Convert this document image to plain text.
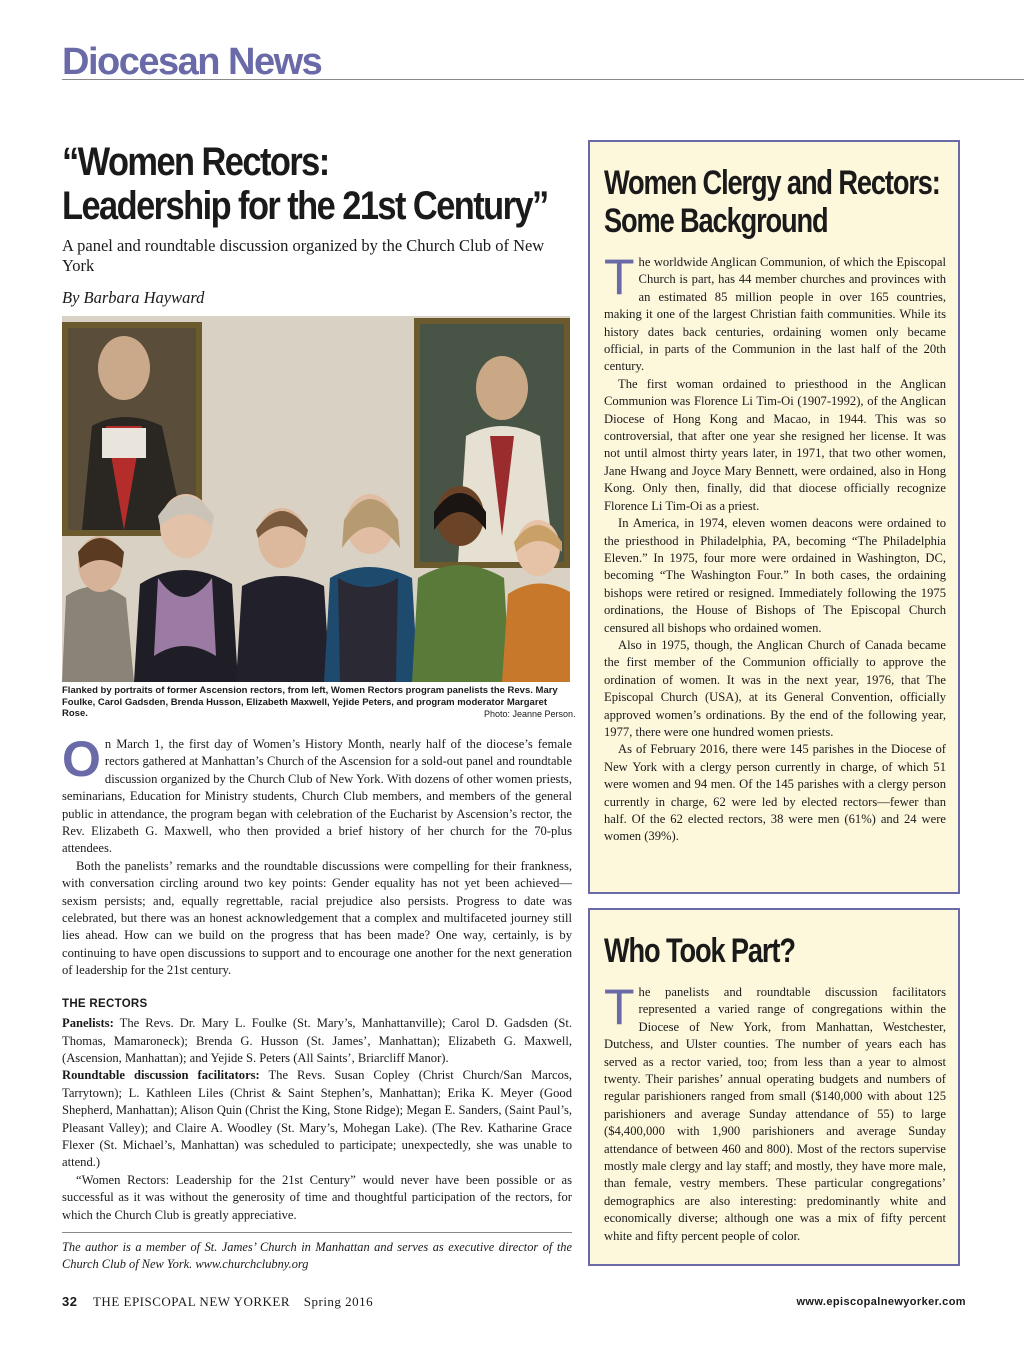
Diocesan News
“Women Rectors:
Leadership for the 21st Century”
A panel and roundtable discussion organized by the Church Club of New York
By Barbara Hayward
Flanked by portraits of former Ascension rectors, from left, Women Rectors program panelists the Revs. Mary Foulke, Carol Gadsden, Brenda Husson, Elizabeth Maxwell, Yejide Peters, and program moderator Margaret Rose.	Photo: Jeanne Person.

On March 1, the first day of Women’s History Month, nearly half of the diocese’s female rectors gathered at Manhattan’s Church of the Ascension for a sold-out panel and roundtable discussion organized by the Church Club of New York. With dozens of other women priests, seminarians, Education for Ministry students, Church Club members, and members of the general public in attendance, the program began with celebration of the Eucharist by Ascension’s rector, the Rev. Elizabeth G. Maxwell, who then provided a brief history of her church for the 70-plus attendees.

Both the panelists’ remarks and the roundtable discussions were compelling for their frankness, with conversation circling around two key points: Gender equality has not yet been achieved—sexism persists; and, equally regrettable, racial prejudice also persists. Progress to date was celebrated, but there was an honest acknowledgement that a complex and multifaceted journey still lies ahead. How can we build on the progress that has been made? One way, certainly, is by continuing to have open discussions to support and to encourage one another for the next generation of leadership for the 21st century.

THE RECTORS

Panelists: The Revs. Dr. Mary L. Foulke (St. Mary’s, Manhattanville); Carol D. Gadsden (St. Thomas, Mamaroneck); Brenda G. Husson (St. James’, Manhattan); Elizabeth G. Maxwell, (Ascension, Manhattan); and Yejide S. Peters (All Saints’, Briarcliff Manor).

Roundtable discussion facilitators: The Revs. Susan Copley (Christ Church/San Marcos, Tarrytown); L. Kathleen Liles (Christ & Saint Stephen’s, Manhattan); Erika K. Meyer (Good Shepherd, Manhattan); Alison Quin (Christ the King, Stone Ridge); Megan E. Sanders, (Saint Paul’s, Pleasant Valley); and Claire A. Woodley (St. Mary’s, Mohegan Lake). (The Rev. Katharine Grace Flexer (St. Michael’s, Manhattan) was scheduled to participate; unexpectedly, she was unable to attend.)

“Women Rectors: Leadership for the 21st Century” would never have been possible or as successful as it was without the generosity of time and thoughtful participation of the rectors, for which the Church Club is greatly appreciative.

The author is a member of St. James’ Church in Manhattan and serves as executive director of the Church Club of New York. www.churchclubny.org
Women Clergy and Rectors:
Some Background

The worldwide Anglican Communion, of which the Episcopal Church is part, has 44 member churches and provinces with an estimated 85 million people in over 165 countries, making it one of the largest Christian faith communities. While its history dates back centuries, ordaining women only became official, in parts of the Communion in the last half of the 20th century.

The first woman ordained to priesthood in the Anglican Communion was Florence Li Tim-Oi (1907-1992), of the Anglican Diocese of Hong Kong and Macao, in 1944. This was so controversial, that after one year she resigned her license. It was not until almost thirty years later, in 1971, that two other women, Jane Hwang and Joyce Mary Bennett, were ordained, also in Hong Kong. Only then, finally, did that diocese officially recognize Florence Li Tim-Oi as a priest.

In America, in 1974, eleven women deacons were ordained to the priesthood in Philadelphia, PA, becoming “The Philadelphia Eleven.” In 1975, four more were ordained in Washington, DC, becoming “The Washington Four.” In both cases, the ordaining bishops were retired or resigned. Immediately following the 1975 ordinations, the House of Bishops of The Episcopal Church censured all bishops who ordained women.

Also in 1975, though, the Anglican Church of Canada became the first member of the Communion officially to approve the ordination of women. It was in the next year, 1976, that The Episcopal Church (USA), at its General Convention, officially approved women’s ordinations. By the end of the following year, 1977, there were one hundred women priests.

As of February 2016, there were 145 parishes in the Diocese of New York with a clergy person currently in charge, of which 51 were women and 94 men. Of the 145 parishes with a clergy person currently in charge, 62 were led by elected rectors—fewer than half. Of the 62 elected rectors, 38 were men (61%) and 24 were women (39%).

Who Took Part?

The panelists and roundtable discussion facilitators represented a varied range of congregations within the Diocese of New York, from Manhattan, Westchester, Dutchess, and Ulster counties. The number of years each has served as a rector varied, too; from less than a year to almost twenty. Their parishes’ annual operating budgets and numbers of regular parishioners ranged from small ($140,000 with about 125 parishioners and average Sunday attendance of 55) to large ($4,400,000 with 1,900 parishioners and average Sunday attendance of between 460 and 800). Most of the rectors supervise mostly male clergy and lay staff; and mostly, they have more male, than female, vestry members. These particular congregations’ demographics are also interesting: predominantly white and economically diverse; although one was a mix of fifty percent white and fifty percent people of color.

32 THE EPISCOPAL NEW YORKER Spring 2016	www.episcopalnewyorker.com
